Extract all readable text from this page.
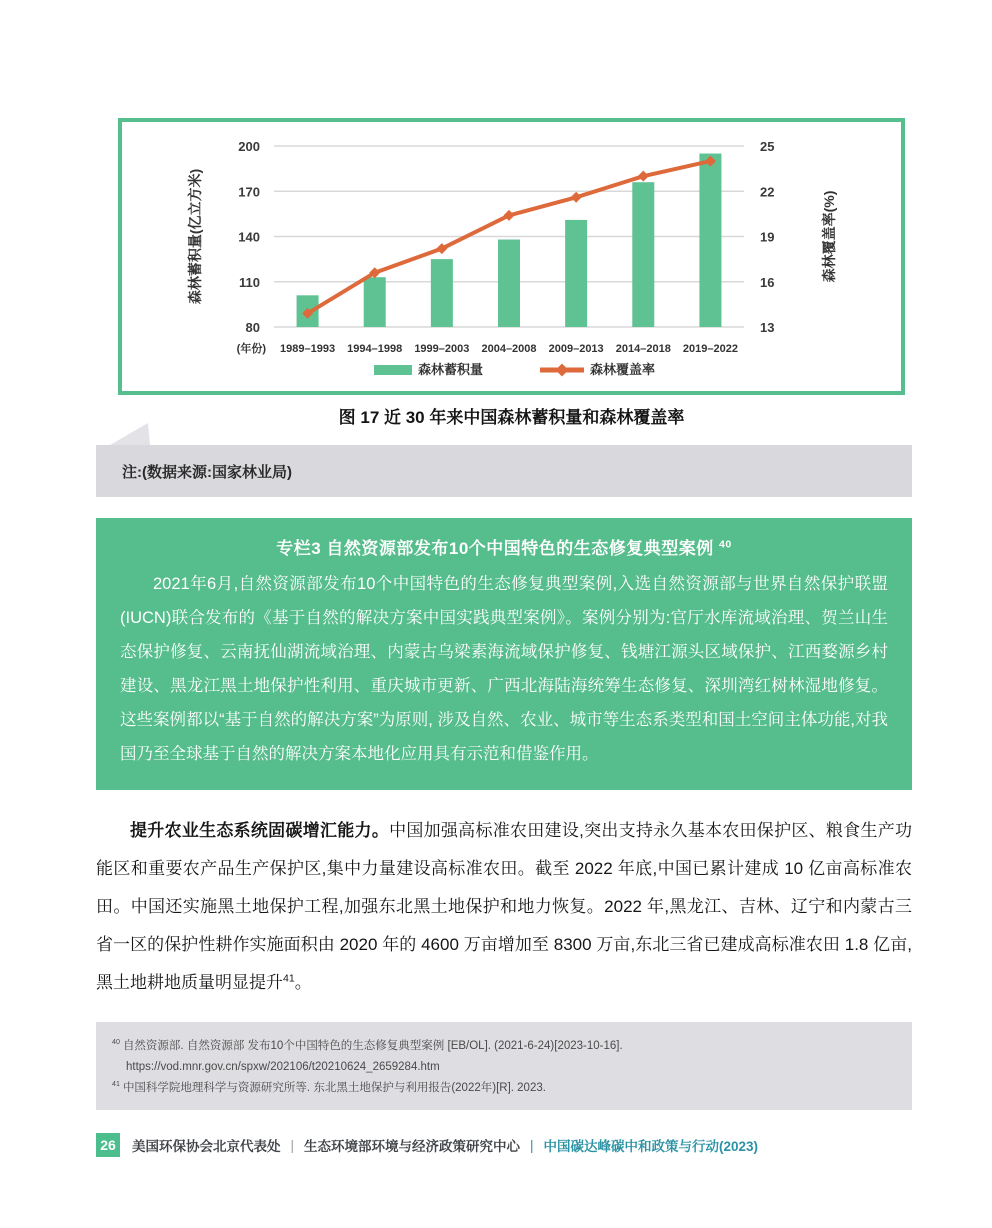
80	13
110	16
140	19
170	22
200	25
(年份) 1989–1993 1994–1998 1999–2003 2004–2008 2009–2013 2014–2018 2019–2022
森林蓄积量(亿立方米)	森林覆盖率(%)
森林蓄积量	森林覆盖率
图 17 近 30 年来中国森林蓄积量和森林覆盖率
注:(数据来源:国家林业局)
专栏3 自然资源部发布10个中国特色的生态修复典型案例 $^{40}$
2021年6月,自然资源部发布10个中国特色的生态修复典型案例,入选自然资源部与世界自然保护联盟(IUCN)联合发布的《基于自然的解决方案中国实践典型案例》。案例分别为:官厅水库流域治理、贺兰山生态保护修复、云南抚仙湖流域治理、内蒙古乌梁素海流域保护修复、钱塘江源头区域保护、江西婺源乡村建设、黑龙江黑土地保护性利用、重庆城市更新、广西北海陆海统筹生态修复、深圳湾红树林湿地修复。这些案例都以“基于自然的解决方案”为原则, 涉及自然、农业、城市等生态系类型和国土空间主体功能,对我国乃至全球基于自然的解决方案本地化应用具有示范和借鉴作用。
提升农业生态系统固碳增汇能力。中国加强高标准农田建设,突出支持永久基本农田保护区、粮食生产功能区和重要农产品生产保护区,集中力量建设高标准农田。截至 2022 年底,中国已累计建成 10 亿亩高标准农田。中国还实施黑土地保护工程,加强东北黑土地保护和地力恢复。2022 年,黑龙江、吉林、辽宁和内蒙古三省一区的保护性耕作实施面积由 2020 年的 4600 万亩增加至 8300 万亩,东北三省已建成高标准农田 1.8 亿亩,黑土地耕地质量明显提升$^{41}$。
$^{40}$ 自然资源部. 自然资源部 发布10个中国特色的生态修复典型案例 [EB/OL]. (2021-6-24)[2023-10-16]. https://vod.mnr.gov.cn/spxw/202106/t20210624_2659284.htm
$^{41}$ 中国科学院地理科学与资源研究所等. 东北黑土地保护与利用报告(2022年)[R]. 2023.
26	美国环保协会北京代表处 | 生态环境部环境与经济政策研究中心 | 中国碳达峰碳中和政策与行动(2023)
